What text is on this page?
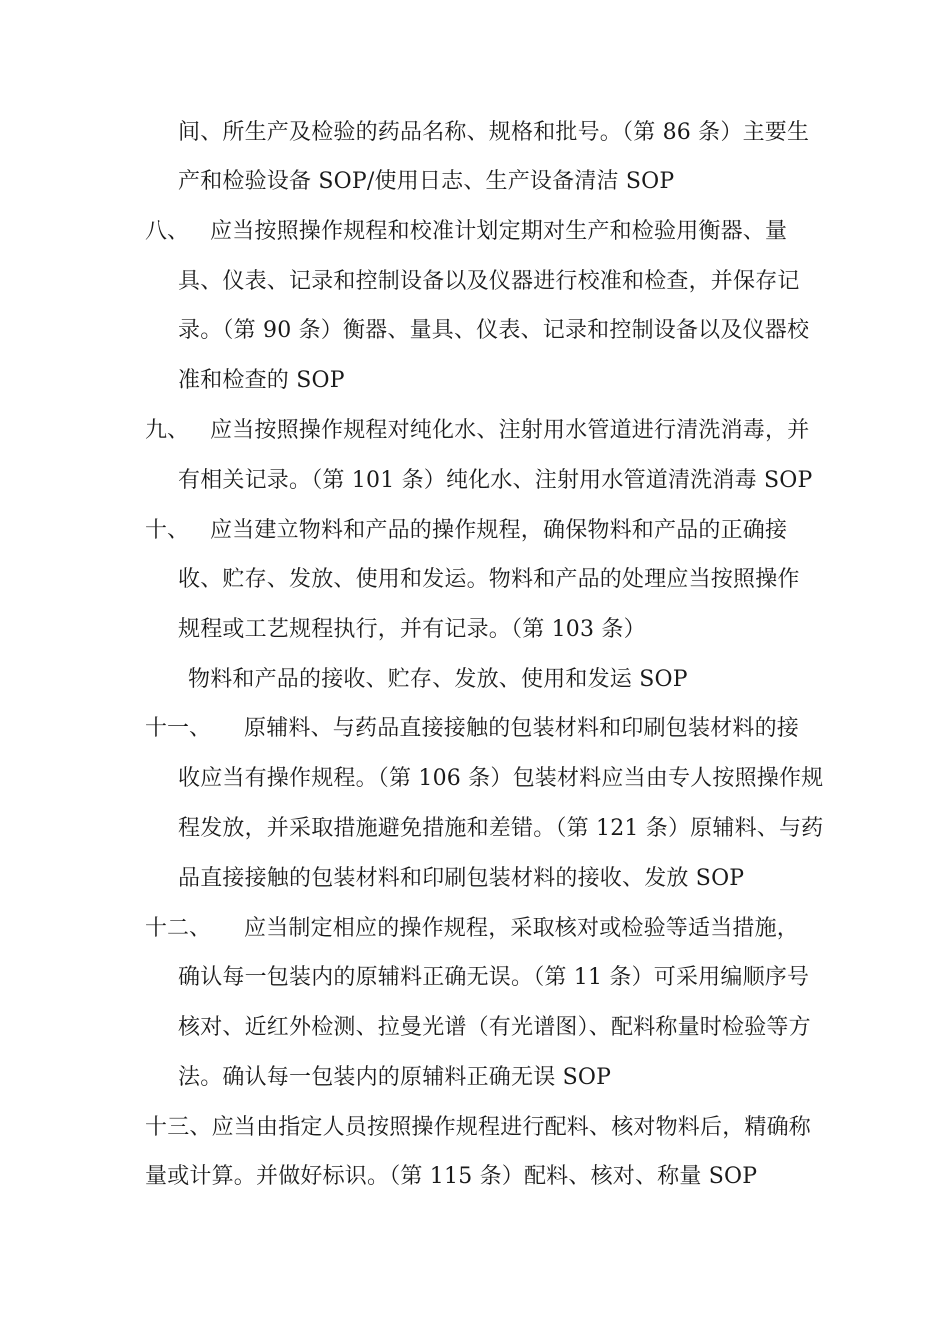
间、所生产及检验的药品名称、规格和批号。（第 86 条）主要生
产和检验设备 SOP/使用日志、生产设备清洁 SOP
八、 应当按照操作规程和校准计划定期对生产和检验用衡器、量
具、仪表、记录和控制设备以及仪器进行校准和检查，并保存记
录。（第 90 条）衡器、量具、仪表、记录和控制设备以及仪器校
准和检查的 SOP
九、 应当按照操作规程对纯化水、注射用水管道进行清洗消毒，并
有相关记录。（第 101 条）纯化水、注射用水管道清洗消毒 SOP
十、 应当建立物料和产品的操作规程，确保物料和产品的正确接
收、贮存、发放、使用和发运。物料和产品的处理应当按照操作
规程或工艺规程执行，并有记录。（第 103 条）
物料和产品的接收、贮存、发放、使用和发运 SOP
十一、 原辅料、与药品直接接触的包装材料和印刷包装材料的接
收应当有操作规程。（第 106 条）包装材料应当由专人按照操作规
程发放，并采取措施避免措施和差错。（第 121 条）原辅料、与药
品直接接触的包装材料和印刷包装材料的接收、发放 SOP
十二、 应当制定相应的操作规程，采取核对或检验等适当措施，
确认每一包装内的原辅料正确无误。（第 11 条）可采用编顺序号
核对、近红外检测、拉曼光谱（有光谱图）、配料称量时检验等方
法。确认每一包装内的原辅料正确无误 SOP
十三、应当由指定人员按照操作规程进行配料、核对物料后，精确称
量或计算。并做好标识。（第 115 条）配料、核对、称量 SOP
